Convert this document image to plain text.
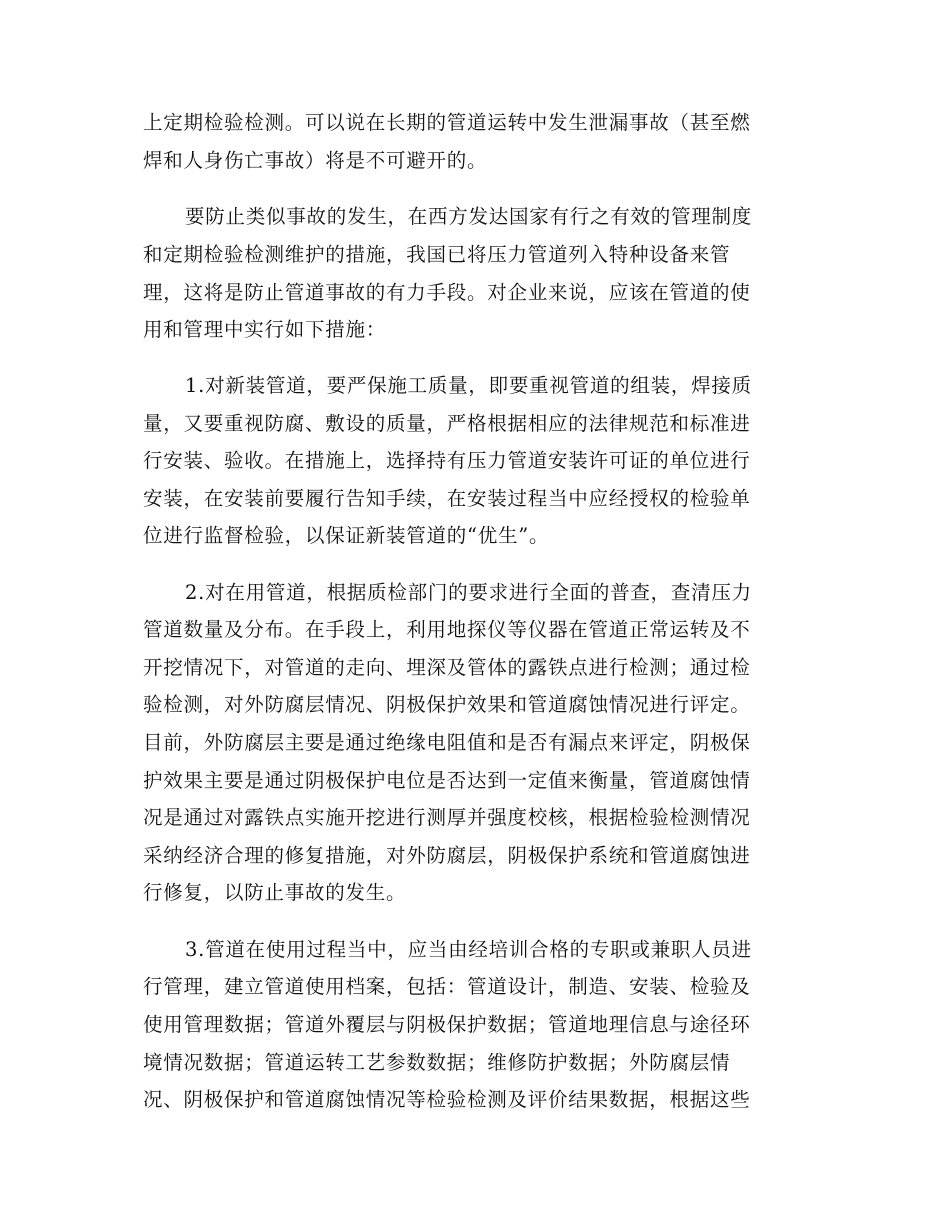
上定期检验检测。可以说在长期的管道运转中发生泄漏事故（甚至燃
焊和人身伤亡事故）将是不可避开的。
要防止类似事故的发生，在西方发达国家有行之有效的管理制度
和定期检验检测维护的措施，我国已将压力管道列入特种设备来管
理，这将是防止管道事故的有力手段。对企业来说，应该在管道的使
用和管理中实行如下措施：
1.对新装管道，要严保施工质量，即要重视管道的组装，焊接质
量，又要重视防腐、敷设的质量，严格根据相应的法律规范和标准进
行安装、验收。在措施上，选择持有压力管道安装许可证的单位进行
安装，在安装前要履行告知手续，在安装过程当中应经授权的检验单
位进行监督检验，以保证新装管道的“优生”。
2.对在用管道，根据质检部门的要求进行全面的普查，查清压力
管道数量及分布。在手段上，利用地探仪等仪器在管道正常运转及不
开挖情况下，对管道的走向、埋深及管体的露铁点进行检测；通过检
验检测，对外防腐层情况、阴极保护效果和管道腐蚀情况进行评定。
目前，外防腐层主要是通过绝缘电阻值和是否有漏点来评定，阴极保
护效果主要是通过阴极保护电位是否达到一定值来衡量，管道腐蚀情
况是通过对露铁点实施开挖进行测厚并强度校核，根据检验检测情况
采纳经济合理的修复措施，对外防腐层，阴极保护系统和管道腐蚀进
行修复，以防止事故的发生。
3.管道在使用过程当中，应当由经培训合格的专职或兼职人员进
行管理，建立管道使用档案，包括：管道设计，制造、安装、检验及
使用管理数据；管道外覆层与阴极保护数据；管道地理信息与途径环
境情况数据；管道运转工艺参数数据；维修防护数据；外防腐层情
况、阴极保护和管道腐蚀情况等检验检测及评价结果数据，根据这些
